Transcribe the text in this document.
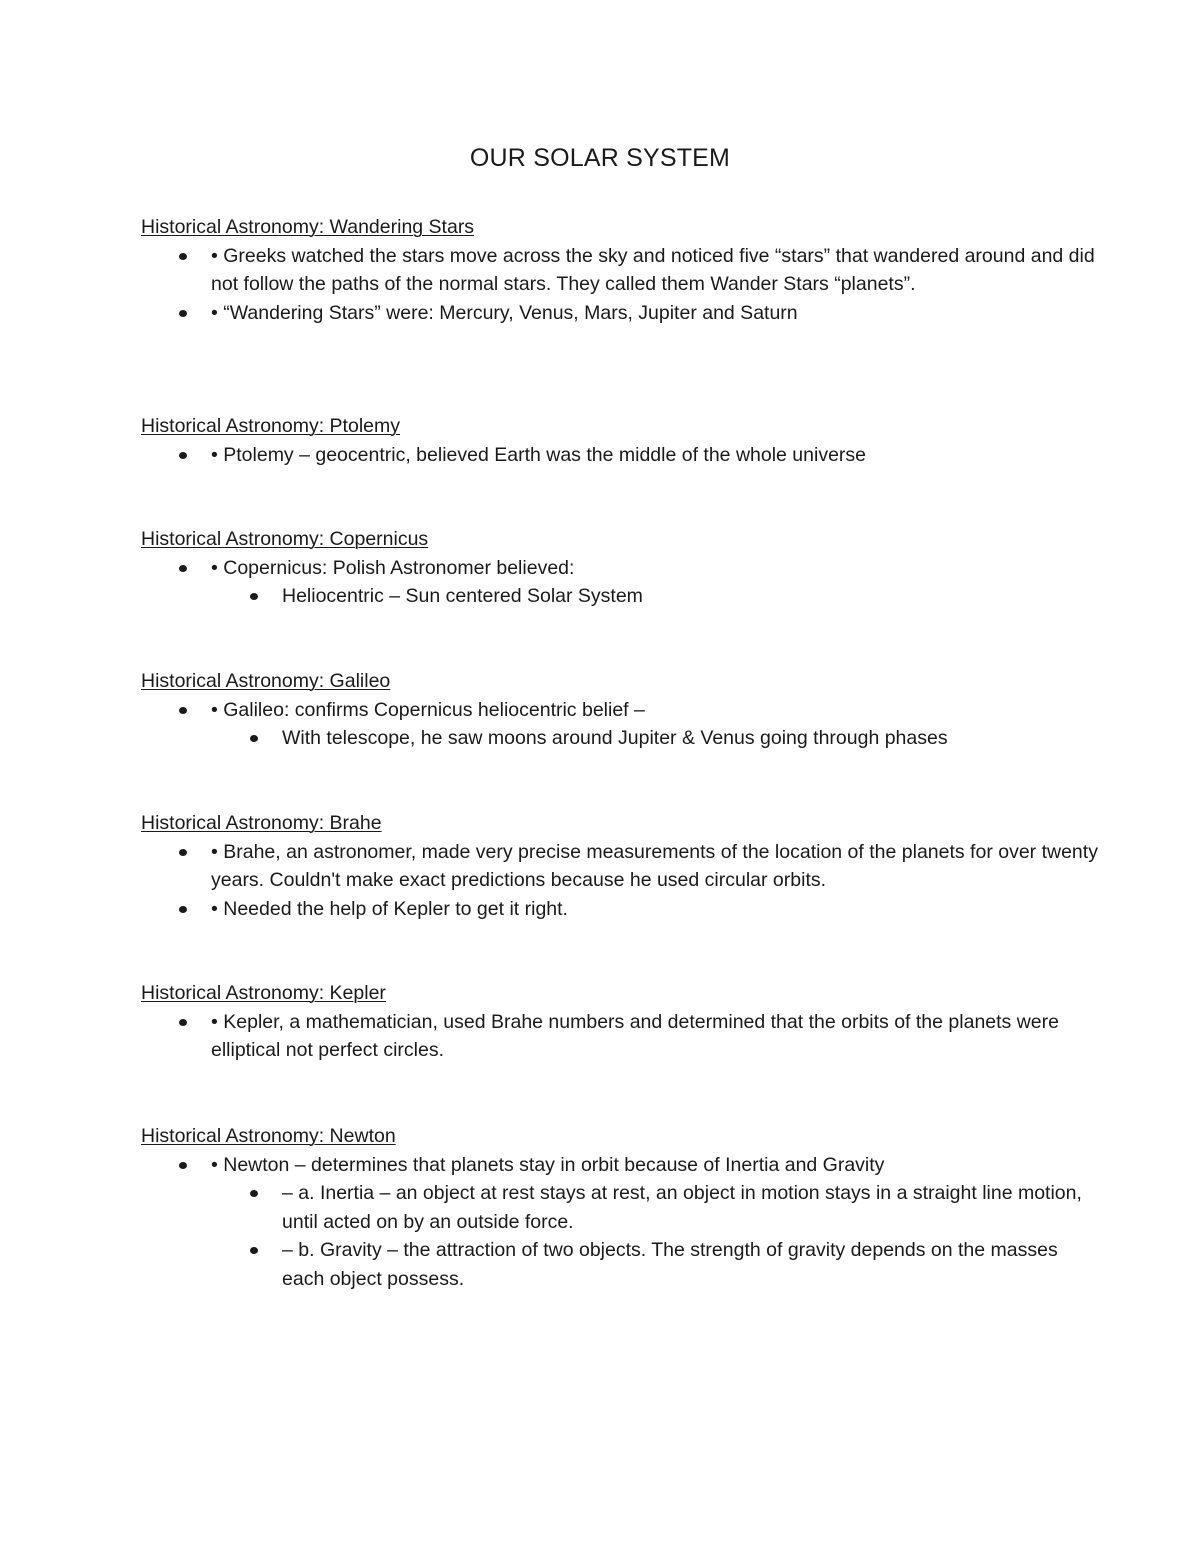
OUR SOLAR SYSTEM
Historical Astronomy: Wandering Stars
• Greeks watched the stars move across the sky and noticed five “stars” that wandered around and did not follow the paths of the normal stars. They called them Wander Stars “planets”.
• “Wandering Stars” were: Mercury, Venus, Mars, Jupiter and Saturn
Historical Astronomy: Ptolemy
• Ptolemy – geocentric, believed Earth was the middle of the whole universe
Historical Astronomy: Copernicus
• Copernicus: Polish Astronomer believed:
Heliocentric – Sun centered Solar System
Historical Astronomy: Galileo
• Galileo: confirms Copernicus heliocentric belief –
With telescope, he saw moons around Jupiter & Venus going through phases
Historical Astronomy: Brahe
• Brahe, an astronomer, made very precise measurements of the location of the planets for over twenty years. Couldn't make exact predictions because he used circular orbits.
• Needed the help of Kepler to get it right.
Historical Astronomy: Kepler
• Kepler, a mathematician, used Brahe numbers and determined that the orbits of the planets were elliptical not perfect circles.
Historical Astronomy: Newton
• Newton – determines that planets stay in orbit because of Inertia and Gravity
– a. Inertia – an object at rest stays at rest, an object in motion stays in a straight line motion, until acted on by an outside force.
– b. Gravity – the attraction of two objects. The strength of gravity depends on the masses each object possess.
